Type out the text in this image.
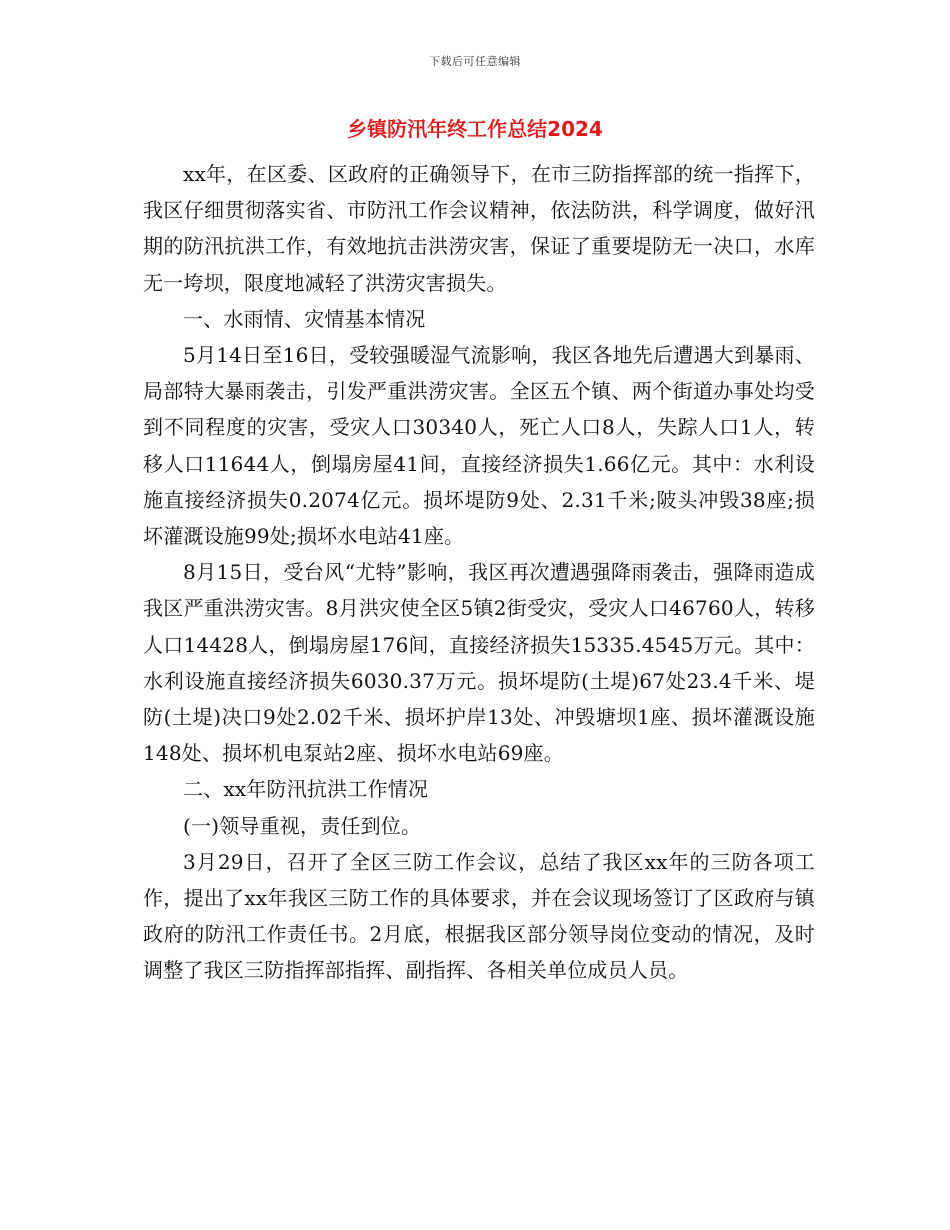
下载后可任意编辑
乡镇防汛年终工作总结2024

xx年，在区委、区政府的正确领导下，在市三防指挥部的统一指挥下，我区仔细贯彻落实省、市防汛工作会议精神，依法防洪，科学调度，做好汛期的防汛抗洪工作，有效地抗击洪涝灾害，保证了重要堤防无一决口，水库无一垮坝，限度地减轻了洪涝灾害损失。

一、水雨情、灾情基本情况

5月14日至16日，受较强暖湿气流影响，我区各地先后遭遇大到暴雨、局部特大暴雨袭击，引发严重洪涝灾害。全区五个镇、两个街道办事处均受到不同程度的灾害，受灾人口30340人，死亡人口8人，失踪人口1人，转移人口11644人，倒塌房屋41间，直接经济损失1.66亿元。其中：水利设施直接经济损失0.2074亿元。损坏堤防9处、2.31千米;陂头冲毁38座;损坏灌溉设施99处;损坏水电站41座。

8月15日，受台风“尤特”影响，我区再次遭遇强降雨袭击，强降雨造成我区严重洪涝灾害。8月洪灾使全区5镇2街受灾，受灾人口46760人，转移人口14428人，倒塌房屋176间，直接经济损失15335.4545万元。其中：水利设施直接经济损失6030.37万元。损坏堤防(土堤)67处23.4千米、堤防(土堤)决口9处2.02千米、损坏护岸13处、冲毁塘坝1座、损坏灌溉设施148处、损坏机电泵站2座、损坏水电站69座。

二、xx年防汛抗洪工作情况

(一)领导重视，责任到位。

3月29日，召开了全区三防工作会议，总结了我区xx年的三防各项工作，提出了xx年我区三防工作的具体要求，并在会议现场签订了区政府与镇政府的防汛工作责任书。2月底，根据我区部分领导岗位变动的情况，及时调整了我区三防指挥部指挥、副指挥、各相关单位成员人员。
